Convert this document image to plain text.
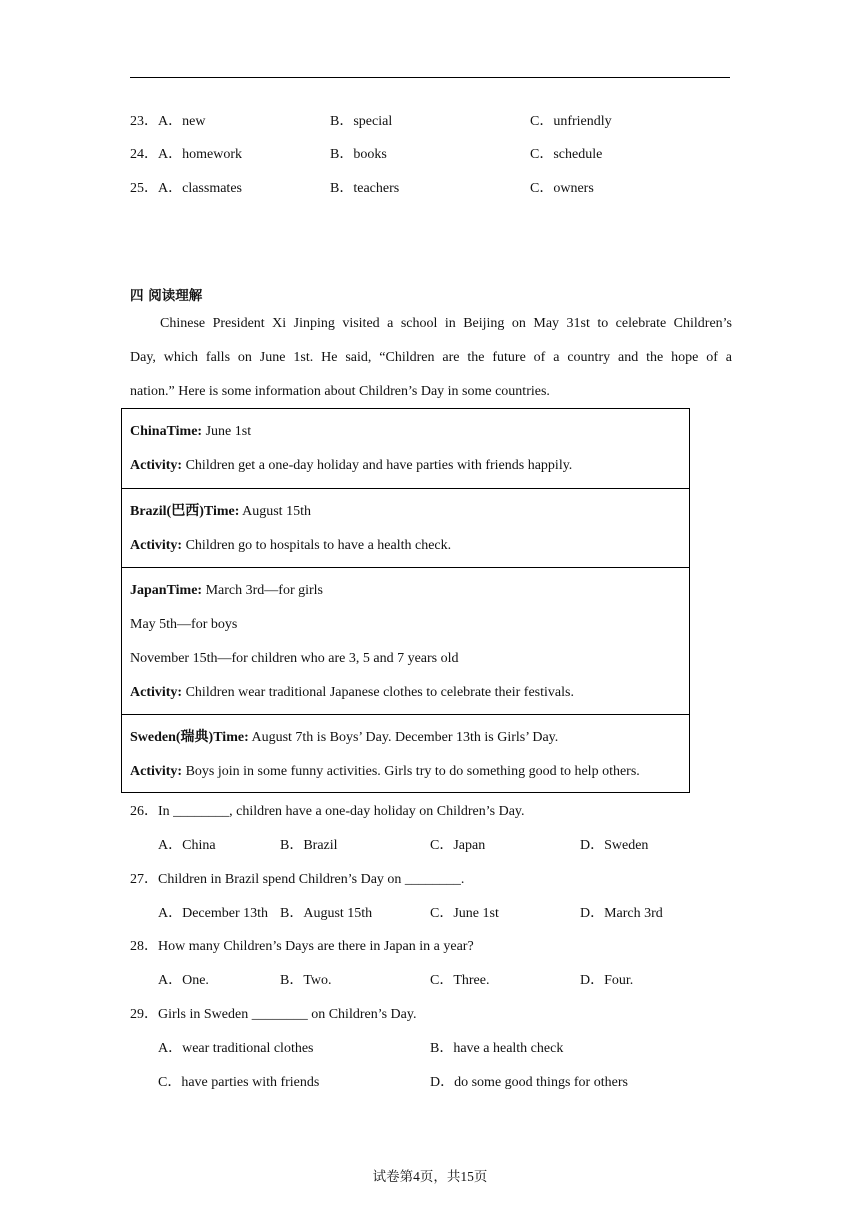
23． A．new	B．special	C．unfriendly
24． A．homework	B．books	C．schedule
25． A．classmates	B．teachers	C．owners
四 阅读理解
Chinese President Xi Jinping visited a school in Beijing on May 31st to celebrate Children’s
Day, which falls on June 1st. He said, “Children are the future of a country and the hope of a
nation.” Here is some information about Children’s Day in some countries.
ChinaTime: June 1st
Activity: Children get a one-day holiday and have parties with friends happily.
Brazil(巴西)Time: August 15th
Activity: Children go to hospitals to have a health check.
JapanTime: March 3rd—for girls
May 5th—for boys
November 15th—for children who are 3, 5 and 7 years old
Activity: Children wear traditional Japanese clothes to celebrate their festivals.
Sweden(瑞典)Time: August 7th is Boys’ Day. December 13th is Girls’ Day.
Activity: Boys join in some funny activities. Girls try to do something good to help others.
26．In ________, children have a one-day holiday on Children’s Day.
A．China	B．Brazil	C．Japan	D．Sweden
27．Children in Brazil spend Children’s Day on ________.
A．December 13th B．August 15th	C．June 1st	D．March 3rd
28．How many Children’s Days are there in Japan in a year?
A．One.	B．Two.	C．Three.	D．Four.
29．Girls in Sweden ________ on Children’s Day.
A．wear traditional clothes	B．have a health check
C．have parties with friends	D．do some good things for others
试卷第4页，共15页
